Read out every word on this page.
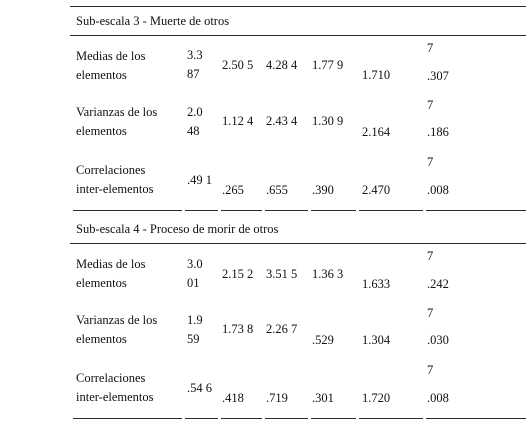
Sub-escala 3 - Muerte de otros
Medias de los
elementos
3.3
87
2.50 5 4.28 4 1.77 9
1.710
7
.307
Varianzas de los
elementos
2.0
48
1.12 4 2.43 4 1.30 9
2.164
7
.186
Correlaciones
inter-elementos
.49 1
.265 .655 .390 2.470
7
.008
Sub-escala 4 - Proceso de morir de otros
Medias de los
elementos
3.0
01
2.15 2 3.51 5 1.36 3
1.633
7
.242
Varianzas de los
elementos
1.9
59
1.73 8 2.26 7
.529 1.304
7
.030
Correlaciones
inter-elementos
.54 6
.418 .719 .301 1.720
7
.008
